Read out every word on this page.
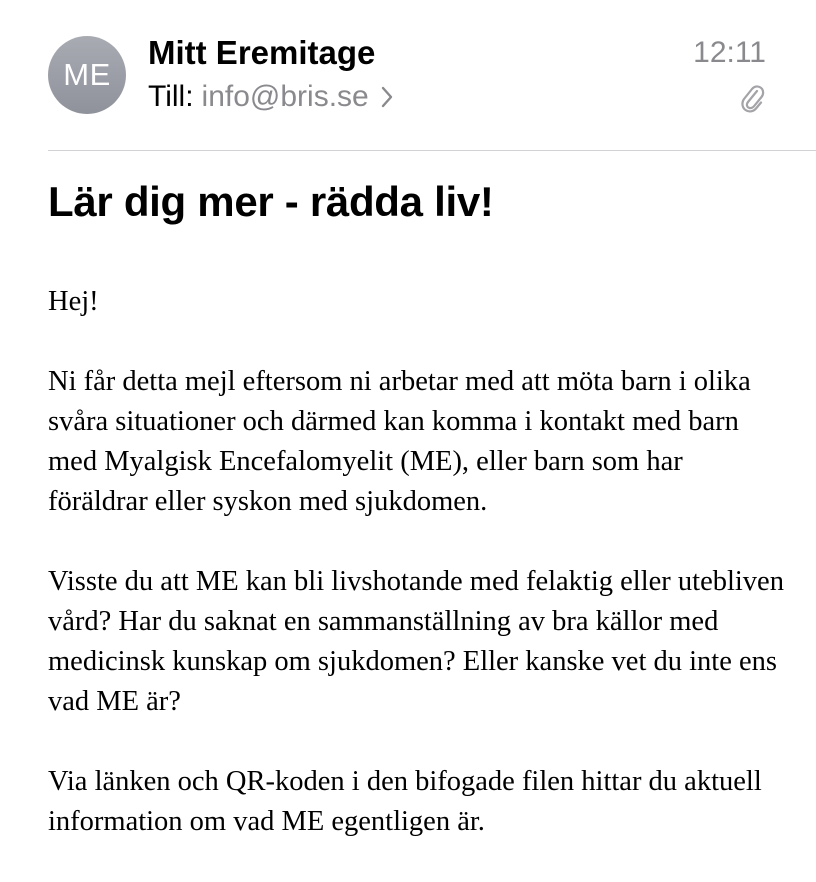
ME
Mitt Eremitage	12:11
Till: info@bris.se
Lär dig mer - rädda liv!

Hej!

Ni får detta mejl eftersom ni arbetar med att möta barn i olika svåra situationer och därmed kan komma i kontakt med barn med Myalgisk Encefalomyelit (ME), eller barn som har föräldrar eller syskon med sjukdomen.

Visste du att ME kan bli livshotande med felaktig eller utebliven vård? Har du saknat en sammanställning av bra källor med medicinsk kunskap om sjukdomen? Eller kanske vet du inte ens vad ME är?

Via länken och QR-koden i den bifogade filen hittar du aktuell information om vad ME egentligen är.
